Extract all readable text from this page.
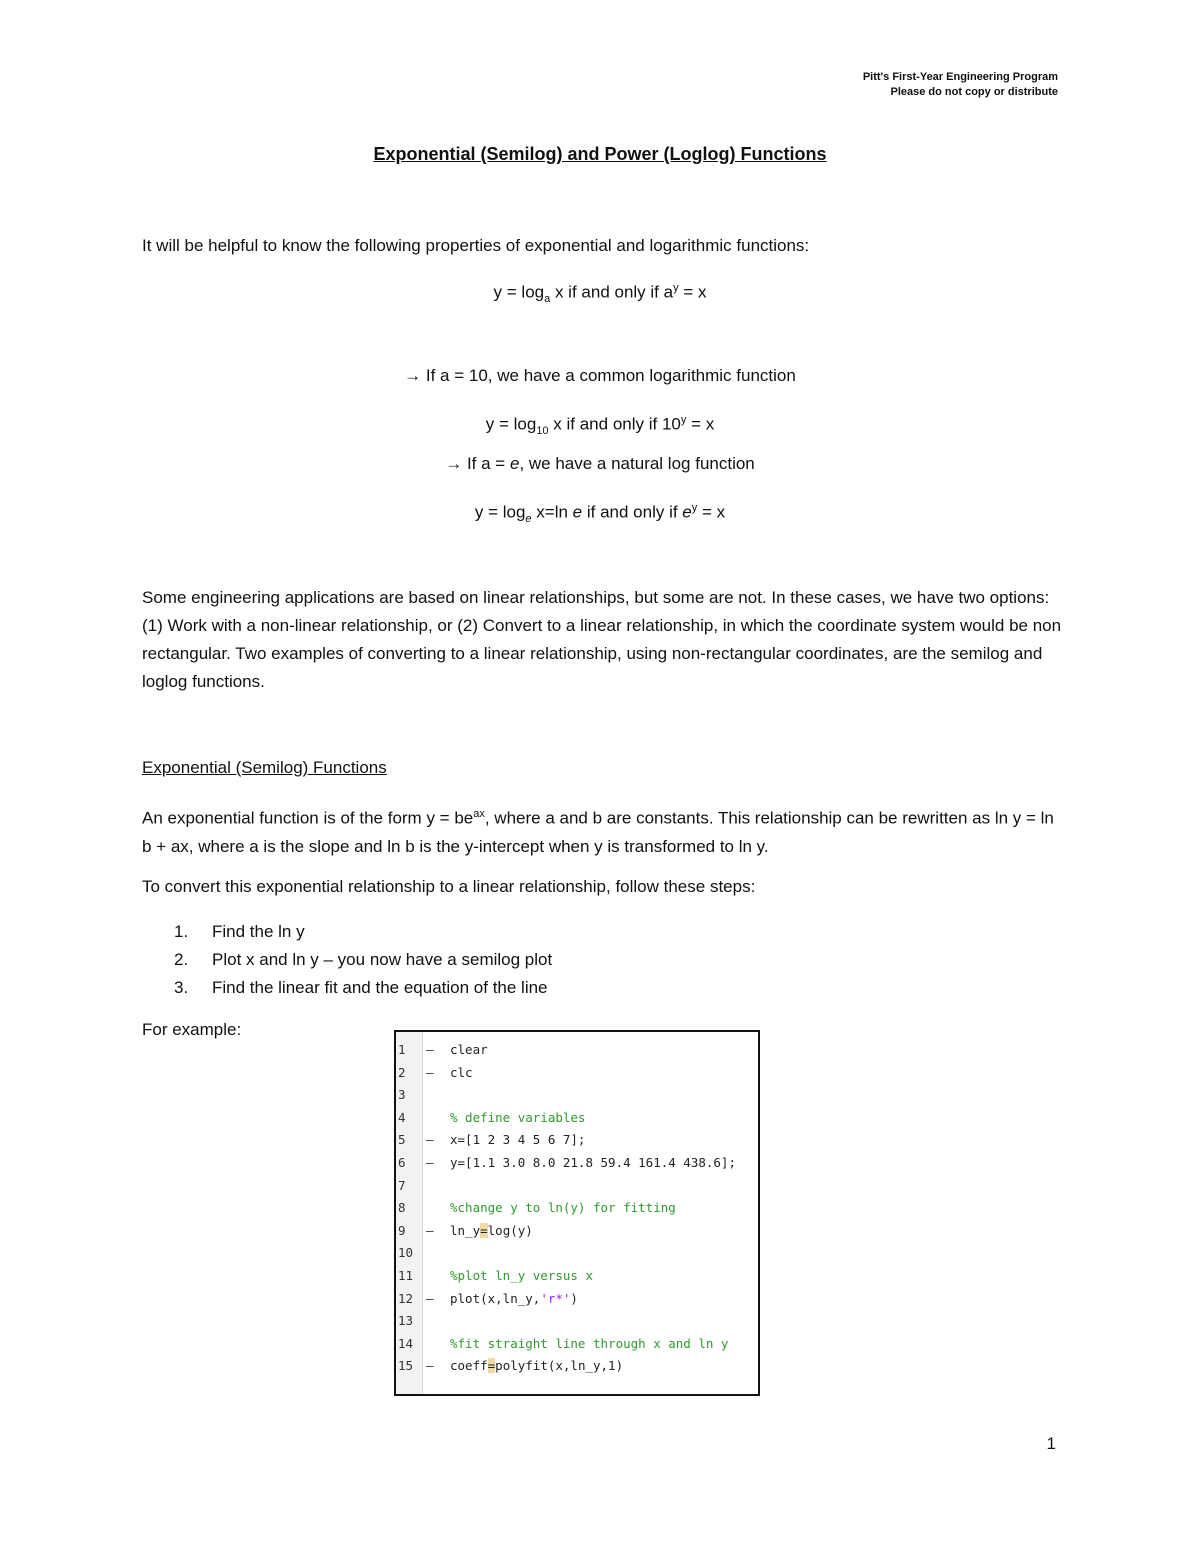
Pitt's First-Year Engineering Program
Please do not copy or distribute
Exponential (Semilog) and Power (Loglog) Functions
It will be helpful to know the following properties of exponential and logarithmic functions:
$y = \log_a x$ if and only if $a^y = x$
→ If a = 10, we have a common logarithmic function
$y = \log_{10} x$ if and only if $10^y = x$
→ If a = e, we have a natural log function
$y = \log_e x=\ln$ e if and only if $e^y = x$
Some engineering applications are based on linear relationships, but some are not. In these cases, we have two options: (1) Work with a non-linear relationship, or (2) Convert to a linear relationship, in which the coordinate system would be non rectangular. Two examples of converting to a linear relationship, using non-rectangular coordinates, are the semilog and loglog functions.
Exponential (Semilog) Functions
An exponential function is of the form $y = be^{ax}$, where a and b are constants. This relationship can be rewritten as ln y = ln b + ax, where a is the slope and ln b is the y-intercept when y is transformed to ln y.
To convert this exponential relationship to a linear relationship, follow these steps:
1.	Find the ln y
2.	Plot x and ln y – you now have a semilog plot
3.	Find the linear fit and the equation of the line
For example:
1 – clear
2 – clc
3
4	% define variables
5 – x=[1 2 3 4 5 6 7];
6 – y=[1.1 3.0 8.0 21.8 59.4 161.4 438.6];
7
8	%change y to ln(y) for fitting
9 – ln_y=log(y)
10
11	%plot ln_y versus x
12 – plot(x,ln_y,'r*')
13
14	%fit straight line through x and ln y
15 – coeff=polyfit(x,ln_y,1)
1
